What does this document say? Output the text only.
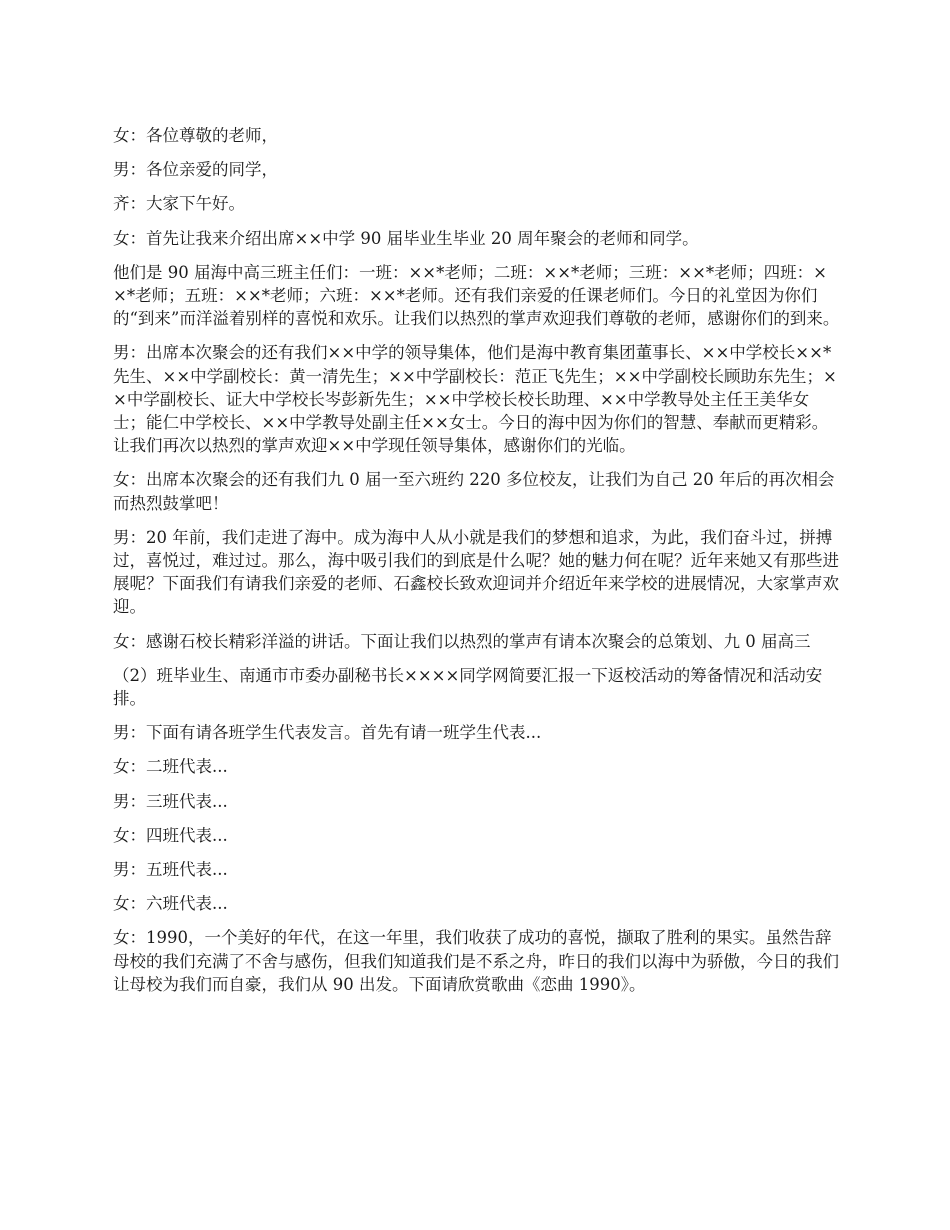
女：各位尊敬的老师，

男：各位亲爱的同学，

齐：大家下午好。

女：首先让我来介绍出席××中学 90 届毕业生毕业 20 周年聚会的老师和同学。

他们是 90 届海中高三班主任们：一班：××*老师；二班：××*老师；三班：××*老师；四班：××*老师；五班：××*老师；六班：××*老师。还有我们亲爱的任课老师们。今日的礼堂因为你们的“到来”而洋溢着别样的喜悦和欢乐。让我们以热烈的掌声欢迎我们尊敬的老师，感谢你们的到来。

男：出席本次聚会的还有我们××中学的领导集体，他们是海中教育集团董事长、××中学校长××*先生、××中学副校长：黄一清先生；××中学副校长：范正飞先生；××中学副校长顾助东先生；××中学副校长、证大中学校长岑彭新先生；××中学校长校长助理、××中学教导处主任王美华女士；能仁中学校长、××中学教导处副主任××女士。今日的海中因为你们的智慧、奉献而更精彩。让我们再次以热烈的掌声欢迎××中学现任领导集体，感谢你们的光临。

女：出席本次聚会的还有我们九 0 届一至六班约 220 多位校友，让我们为自己 20 年后的再次相会而热烈鼓掌吧！

男：20 年前，我们走进了海中。成为海中人从小就是我们的梦想和追求，为此，我们奋斗过，拼搏过，喜悦过，难过过。那么，海中吸引我们的到底是什么呢？她的魅力何在呢？近年来她又有那些进展呢？下面我们有请我们亲爱的老师、石鑫校长致欢迎词并介绍近年来学校的进展情况，大家掌声欢迎。

女：感谢石校长精彩洋溢的讲话。下面让我们以热烈的掌声有请本次聚会的总策划、九 0 届高三

（2）班毕业生、南通市市委办副秘书长××××同学网简要汇报一下返校活动的筹备情况和活动安排。

男：下面有请各班学生代表发言。首先有请一班学生代表...

女：二班代表...

男：三班代表...

女：四班代表...

男：五班代表...

女：六班代表...

女：1990，一个美好的年代，在这一年里，我们收获了成功的喜悦，撷取了胜利的果实。虽然告辞母校的我们充满了不舍与感伤，但我们知道我们是不系之舟，昨日的我们以海中为骄傲，今日的我们让母校为我们而自豪，我们从 90 出发。下面请欣赏歌曲《恋曲 1990》。
